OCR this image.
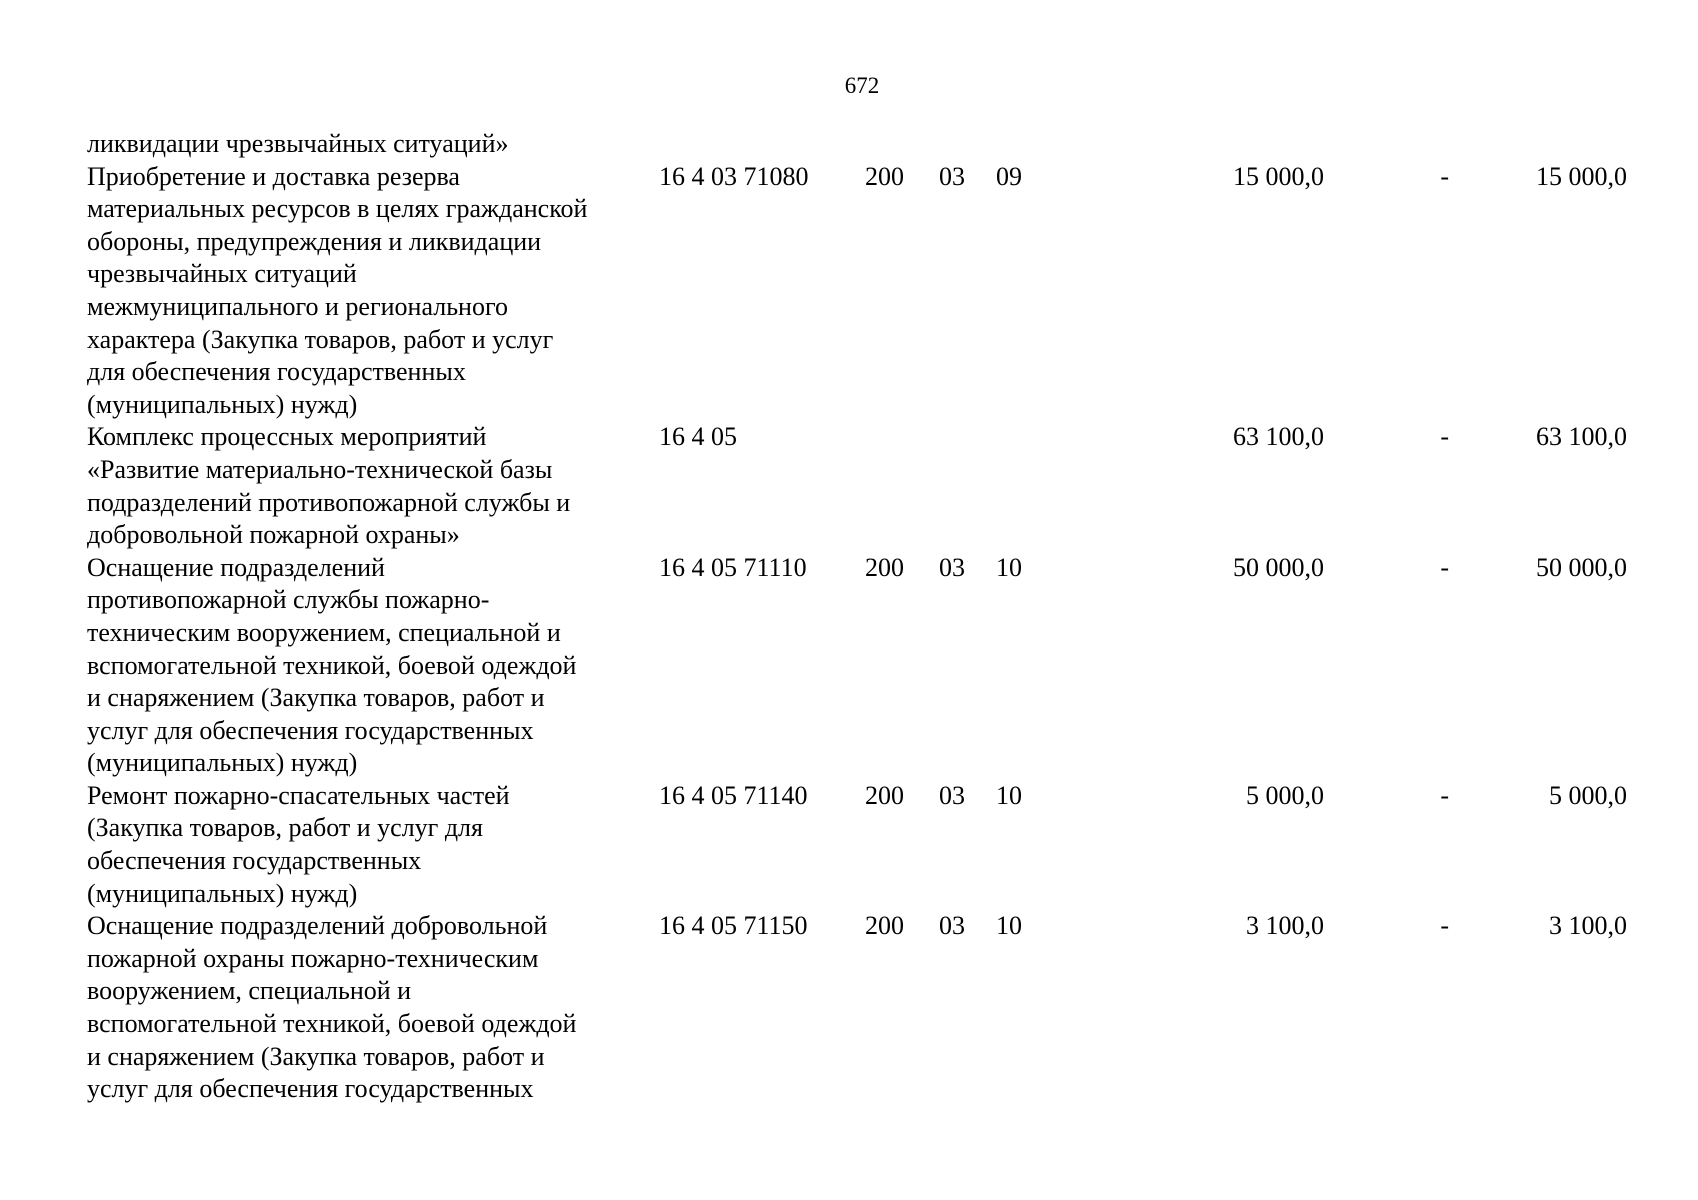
672
ликвидации чрезвычайных ситуаций»
Приобретение и доставка резерва
материальных ресурсов в целях гражданской
обороны, предупреждения и ликвидации
чрезвычайных ситуаций
межмуниципального и регионального
характера (Закупка товаров, работ и услуг
для обеспечения государственных
(муниципальных) нужд)
16 4 03 71080 200 03 09	15 000,0	-	15 000,0
Комплекс процессных мероприятий
«Развитие материально-технической базы
подразделений противопожарной службы и
добровольной пожарной охраны»
16 4 05	63 100,0	-	63 100,0
Оснащение подразделений
противопожарной службы пожарно-
техническим вооружением, специальной и
вспомогательной техникой, боевой одеждой
и снаряжением (Закупка товаров, работ и
услуг для обеспечения государственных
(муниципальных) нужд)
16 4 05 71110 200 03 10	50 000,0	-	50 000,0
Ремонт пожарно-спасательных частей
(Закупка товаров, работ и услуг для
обеспечения государственных
(муниципальных) нужд)
16 4 05 71140 200 03 10	5 000,0	-	5 000,0
Оснащение подразделений добровольной
пожарной охраны пожарно-техническим
вооружением, специальной и
вспомогательной техникой, боевой одеждой
и снаряжением (Закупка товаров, работ и
услуг для обеспечения государственных
16 4 05 71150 200 03 10	3 100,0	-	3 100,0
